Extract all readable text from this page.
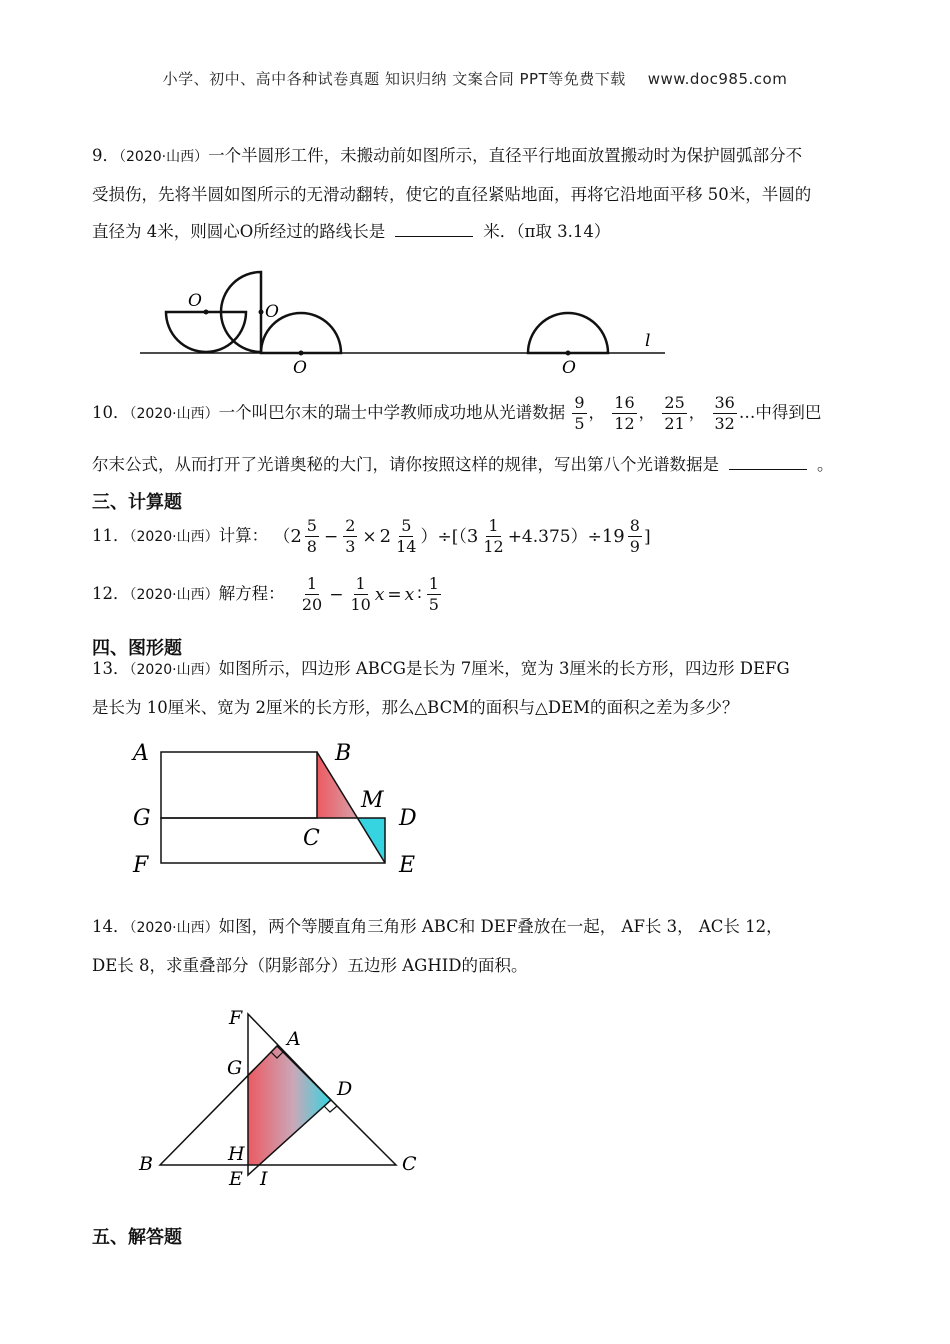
小学、初中、高中各种试卷真题 知识归纳 文案合同 PPT等免费下载 www.doc985.com
9．（2020·山西）一个半圆形工件，未搬动前如图所示，直径平行地面放置搬动时为保护圆弧部分不
受损伤，先将半圆如图所示的无滑动翻转，使它的直径紧贴地面，再将它沿地面平移 50米，半圆的
直径为 4米，则圆心O所经过的路线长是	米．（π取 3.14）
O
O
O	O
l
10．（2020·山西）一个叫巴尔末的瑞士中学教师成功地从光谱数据 $\frac{9}{5}$ ， $\frac{16}{12}$ ， $\frac{25}{21}$ ， $\frac{36}{32}$ …中得到巴
尔末公式，从而打开了光谱奥秘的大门，请你按照这样的规律，写出第八个光谱数据是	。
三、计算题
11．（2020·山西）计算： （ $2 \frac{5}{8} - \frac{2}{3} \times 2 \frac{5}{14}$ ）÷[（ $3 \frac{1}{12} +4.375$ ）÷ $19 \frac{8}{9}$ ]
12．（2020·山西）解方程： $\frac{1}{20} - \frac{1}{10}$ x = x ∶ $\frac{1}{5}$
四、图形题
13．（2020·山西）如图所示，四边形 ABCG是长为 7厘米，宽为 3厘米的长方形，四边形 DEFG
是长为 10厘米、宽为 2厘米的长方形，那么△BCM的面积与△DEM的面积之差为多少？
A	B
G
M
D
C
F	E
14．（2020·山西）如图，两个等腰直角三角形 ABC和 DEF叠放在一起， AF长 3， AC长 12，
DE长 8，求重叠部分（阴影部分）五边形 AGHID的面积。
F
A
G
D
H
B
E I
C
五、解答题
